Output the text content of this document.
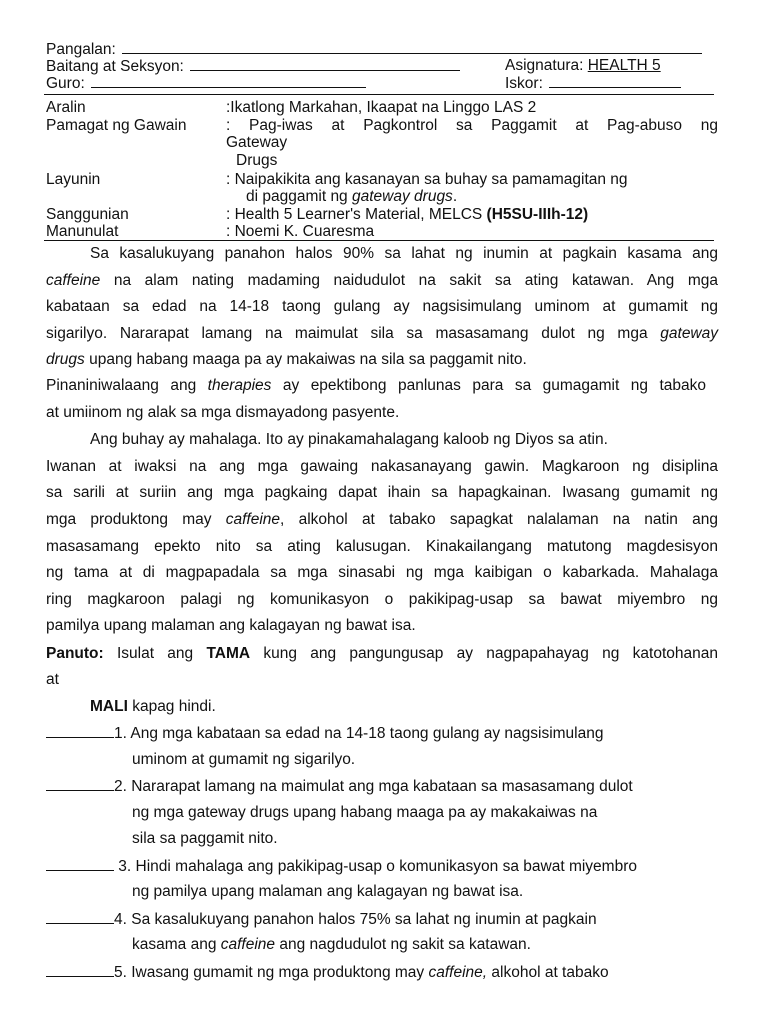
Pangalan:
Baitang at Seksyon:	Asignatura: HEALTH 5
Guro:	Iskor:
Aralin	:Ikatlong Markahan, Ikaapat na Linggo LAS 2
Pamagat ng Gawain	: Pag-iwas at Pagkontrol sa Paggamit at Pag-abuso ng
Gateway
Drugs
Layunin	: Naipakikita ang kasanayan sa buhay sa pamamagitan ng
di paggamit ng gateway drugs.
Sanggunian	: Health 5 Learner's Material, MELCS (H5SU-IIIh-12)
Manunulat	: Noemi K. Cuaresma
Sa kasalukuyang panahon halos 90% sa lahat ng inumin at pagkain kasama ang
caffeine na alam nating madaming naidudulot na sakit sa ating katawan. Ang mga
kabataan sa edad na 14-18 taong gulang ay nagsisimulang uminom at gumamit ng
sigarilyo. Nararapat lamang na maimulat sila sa masasamang dulot ng mga gateway
drugs upang habang maaga pa ay makaiwas na sila sa paggamit nito.
Pinaniniwalaang ang therapies ay epektibong panlunas para sa gumagamit ng tabako
at umiinom ng alak sa mga dismayadong pasyente.
Ang buhay ay mahalaga. Ito ay pinakamahalagang kaloob ng Diyos sa atin.
Iwanan at iwaksi na ang mga gawaing nakasanayang gawin. Magkaroon ng disiplina
sa sarili at suriin ang mga pagkaing dapat ihain sa hapagkainan. Iwasang gumamit ng
mga produktong may caffeine, alkohol at tabako sapagkat nalalaman na natin ang
masasamang epekto nito sa ating kalusugan. Kinakailangang matutong magdesisyon
ng tama at di magpapadala sa mga sinasabi ng mga kaibigan o kabarkada. Mahalaga
ring magkaroon palagi ng komunikasyon o pakikipag-usap sa bawat miyembro ng
pamilya upang malaman ang kalagayan ng bawat isa.
Panuto: Isulat ang TAMA kung ang pangungusap ay nagpapahayag ng katotohanan
at
MALI kapag hindi.
1. Ang mga kabataan sa edad na 14-18 taong gulang ay nagsisimulang
uminom at gumamit ng sigarilyo.
2. Nararapat lamang na maimulat ang mga kabataan sa masasamang dulot
ng mga gateway drugs upang habang maaga pa ay makakaiwas na
sila sa paggamit nito.
3. Hindi mahalaga ang pakikipag-usap o komunikasyon sa bawat miyembro
ng pamilya upang malaman ang kalagayan ng bawat isa.
4. Sa kasalukuyang panahon halos 75% sa lahat ng inumin at pagkain
kasama ang caffeine ang nagdudulot ng sakit sa katawan.
5. Iwasang gumamit ng mga produktong may caffeine, alkohol at tabako
